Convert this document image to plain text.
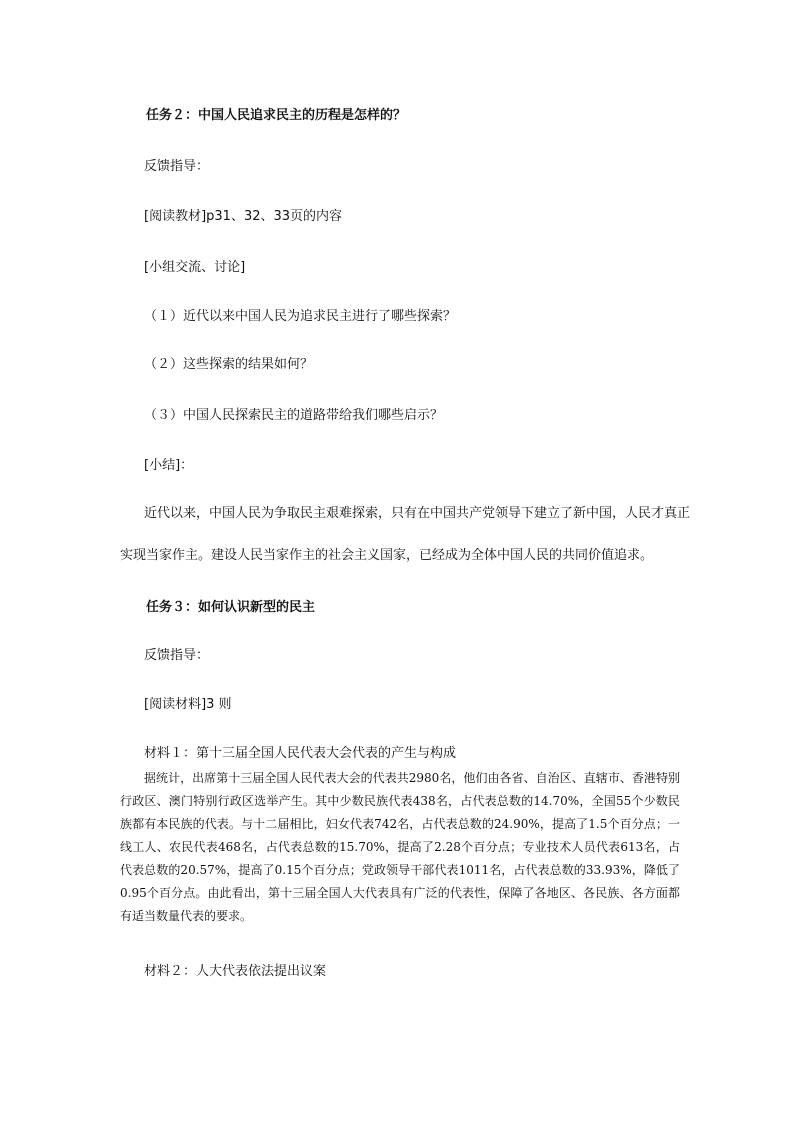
任务２：中国人民追求民主的历程是怎样的？
反馈指导：
[阅读教材]p31、32、33页的内容
[小组交流、讨论]
（１）近代以来中国人民为追求民主进行了哪些探索？
（２）这些探索的结果如何？
（３）中国人民探索民主的道路带给我们哪些启示？
[小结]：
近代以来，中国人民为争取民主艰难探索，只有在中国共产党领导下建立了新中国，人民才真正
实现当家作主。建设人民当家作主的社会主义国家，已经成为全体中国人民的共同价值追求。
任务３：如何认识新型的民主
反馈指导：
[阅读材料]3 则
材料１：第十三届全国人民代表大会代表的产生与构成
据统计，出席第十三届全国人民代表大会的代表共2980名，他们由各省、自治区、直辖市、香港特别行政区、澳门特别行政区选举产生。其中少数民族代表438名，占代表总数的14.70%，全国55个少数民族都有本民族的代表。与十二届相比，妇女代表742名，占代表总数的24.90%，提高了1.5个百分点；一线工人、农民代表468名，占代表总数的15.70%，提高了2.28个百分点；专业技术人员代表613名，占代表总数的20.57%，提高了0.15个百分点；党政领导干部代表1011名，占代表总数的33.93%，降低了0.95个百分点。由此看出，第十三届全国人大代表具有广泛的代表性，保障了各地区、各民族、各方面都有适当数量代表的要求。
材料２：人大代表依法提出议案
